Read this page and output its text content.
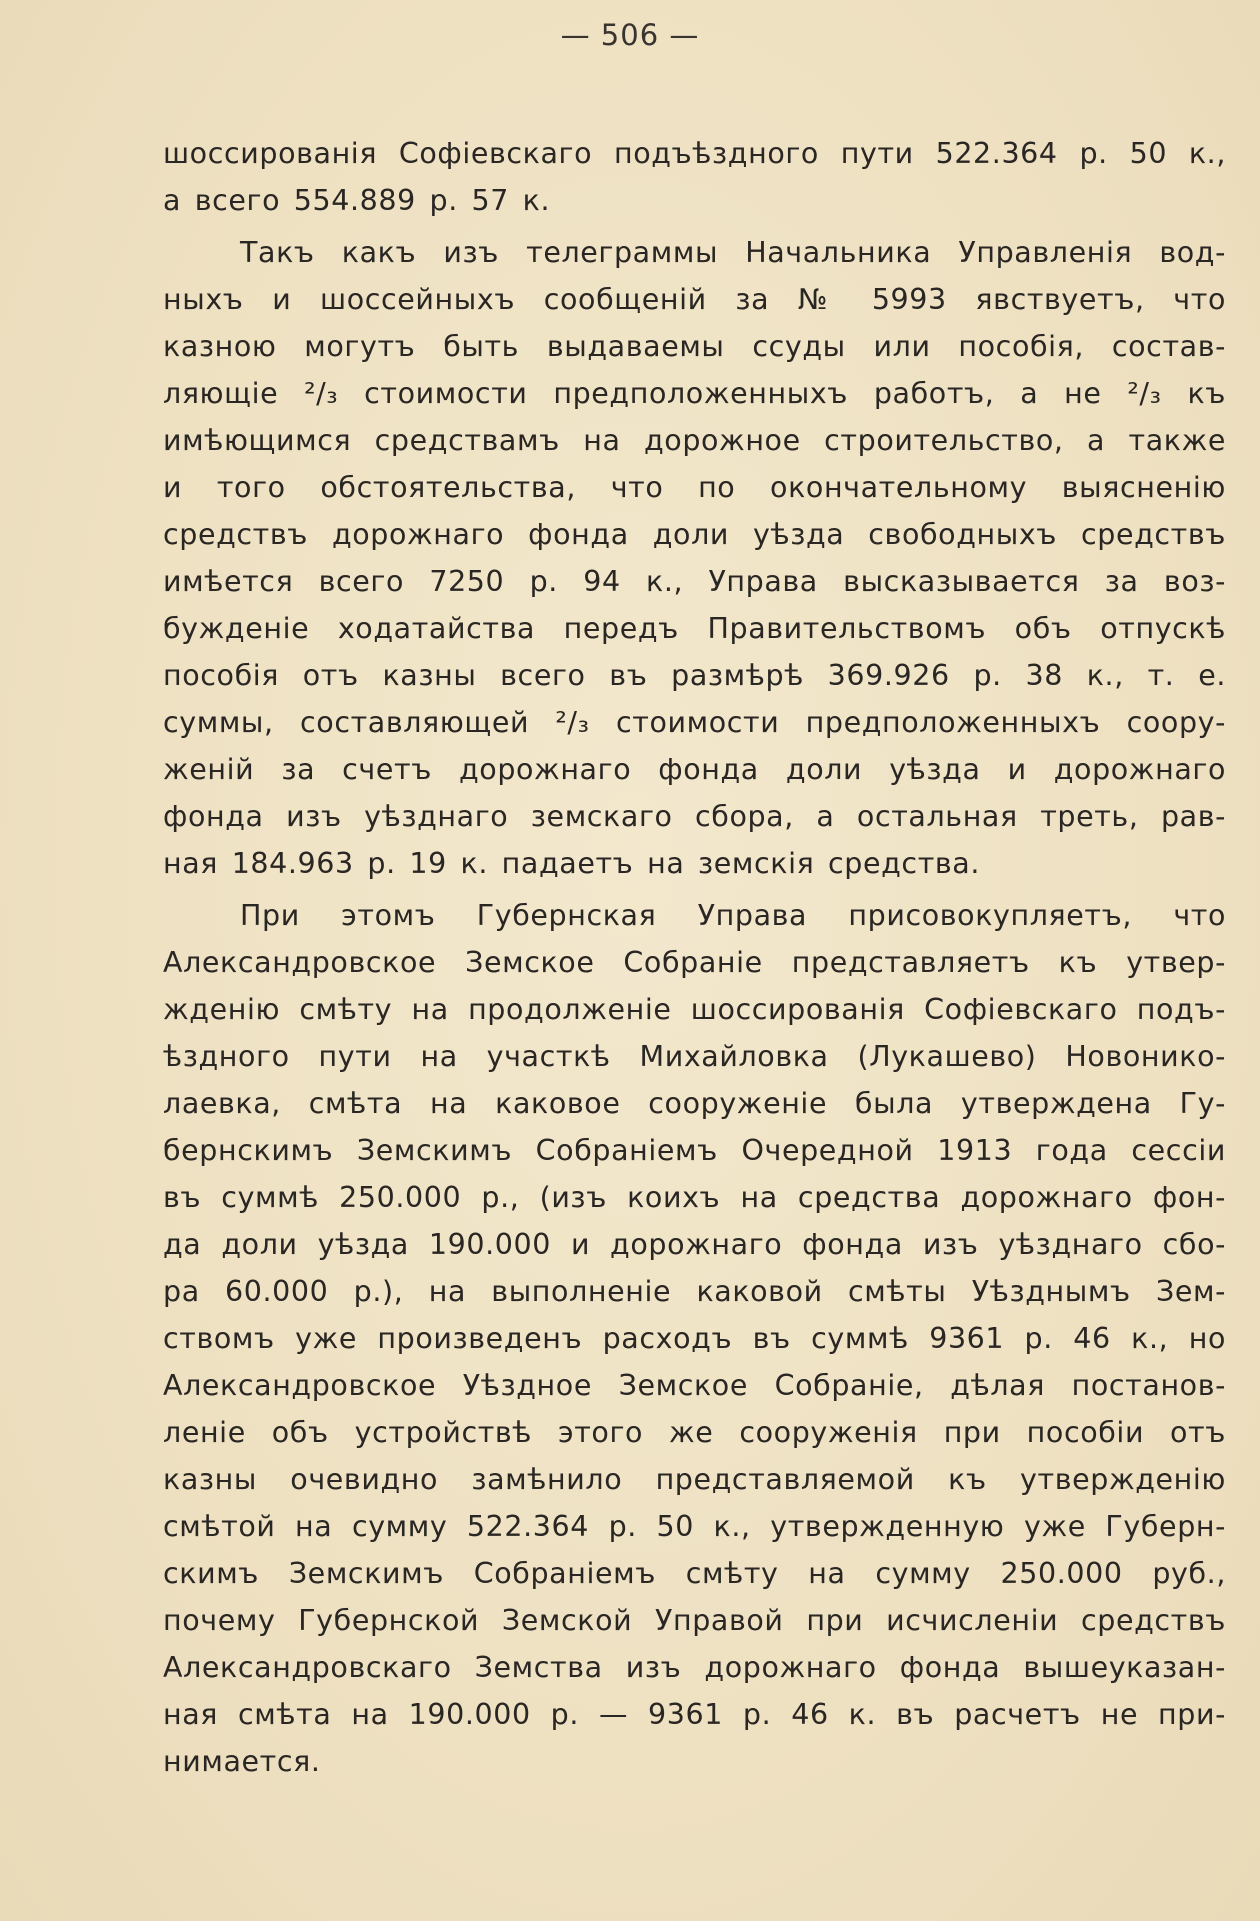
— 506 —
шоссированія Софіевскаго подъѣздного пути 522.364 р. 50 к.,
а всего 554.889 р. 57 к.
Такъ какъ изъ телеграммы Начальника Управленія вод-
ныхъ и шоссейныхъ сообщеній за № 5993 явствуетъ, что
казною могутъ быть выдаваемы ссуды или пособія, состав-
ляющіе ²/₃ стоимости предположенныхъ работъ, а не ²/₃ къ
имѣющимся средствамъ на дорожное строительство, а также
и того обстоятельства, что по окончательному выясненію
средствъ дорожнаго фонда доли уѣзда свободныхъ средствъ
имѣется всего 7250 р. 94 к., Управа высказывается за воз-
бужденіе ходатайства передъ Правительствомъ объ отпускѣ
пособія отъ казны всего въ размѣрѣ 369.926 р. 38 к., т. е.
суммы, составляющей ²/₃ стоимости предположенныхъ соору-
женій за счетъ дорожнаго фонда доли уѣзда и дорожнаго
фонда изъ уѣзднаго земскаго сбора, а остальная треть, рав-
ная 184.963 р. 19 к. падаетъ на земскія средства.
При этомъ Губернская Управа присовокупляетъ, что
Александровское Земское Собраніе представляетъ къ утвер-
жденію смѣту на продолженіе шоссированія Софіевскаго подъ-
ѣздного пути на участкѣ Михайловка (Лукашево) Новонико-
лаевка, смѣта на каковое сооруженіе была утверждена Гу-
бернскимъ Земскимъ Собраніемъ Очередной 1913 года сессіи
въ суммѣ 250.000 р., (изъ коихъ на средства дорожнаго фон-
да доли уѣзда 190.000 и дорожнаго фонда изъ уѣзднаго сбо-
ра 60.000 р.), на выполненіе каковой смѣты Уѣзднымъ Зем-
ствомъ уже произведенъ расходъ въ суммѣ 9361 р. 46 к., но
Александровское Уѣздное Земское Собраніе, дѣлая постанов-
леніе объ устройствѣ этого же сооруженія при пособіи отъ
казны очевидно замѣнило представляемой къ утвержденію
смѣтой на сумму 522.364 р. 50 к., утвержденную уже Губерн-
скимъ Земскимъ Собраніемъ смѣту на сумму 250.000 руб.,
почему Губернской Земской Управой при исчисленіи средствъ
Александровскаго Земства изъ дорожнаго фонда вышеуказан-
ная смѣта на 190.000 р. — 9361 р. 46 к. въ расчетъ не при-
нимается.
